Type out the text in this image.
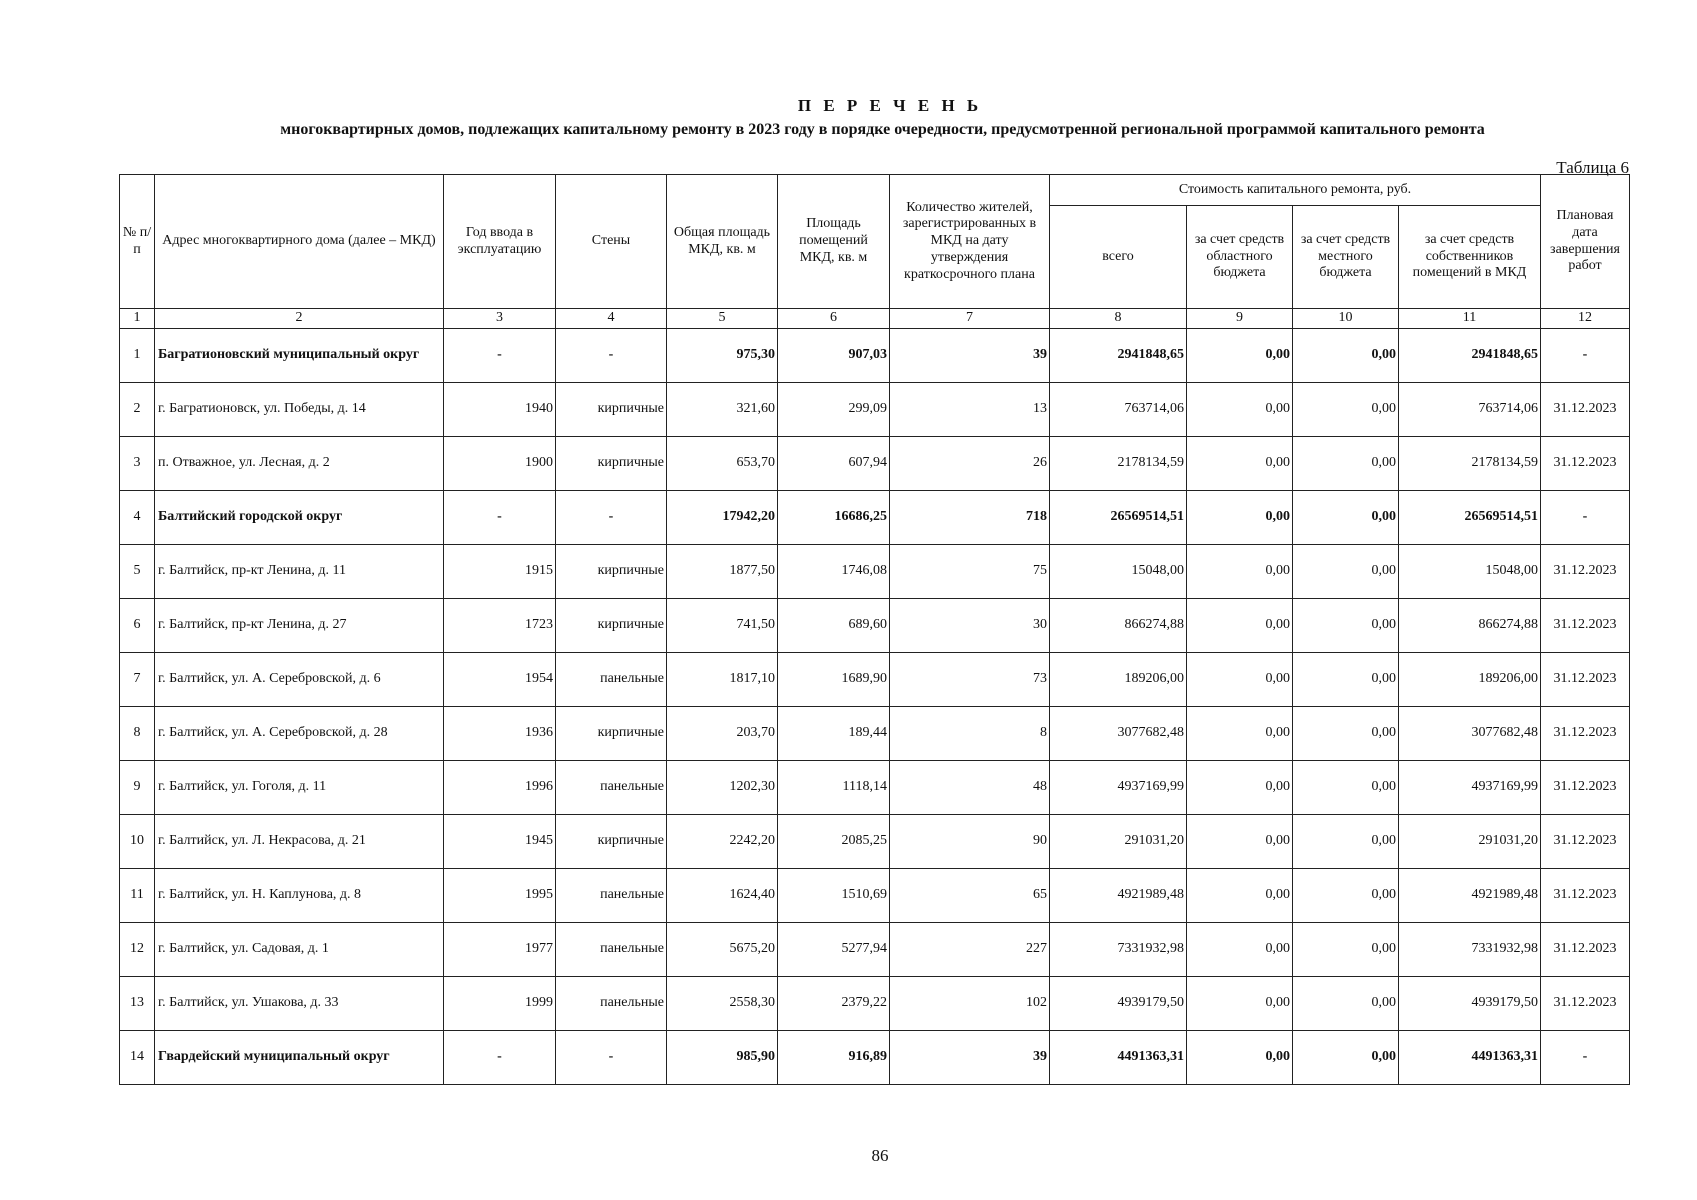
П Е Р Е Ч Е Н Ь
многоквартирных домов, подлежащих капитальному ремонту в 2023 году в порядке очередности, предусмотренной региональной программой капитального ремонта
Таблица 6
№ п/п	Адрес многоквартирного дома (далее – МКД)	Год ввода в эксплуатацию	Стены	Общая площадь МКД, кв. м	Площадь помещений МКД, кв. м	Количество жителей, зарегистрированных в МКД на дату утверждения краткосрочного плана	Стоимость капитального ремонта, руб.				Плановая дата завершения работ
							всего	за счет средств областного бюджета	за счет средств местного бюджета	за счет средств собственников помещений в МКД	
1	2	3	4	5	6	7	8	9	10	11	12
1	Багратионовский муниципальный округ	-	-	975,30	907,03	39	2941848,65	0,00	0,00	2941848,65	-
2	г. Багратионовск, ул. Победы, д. 14	1940	кирпичные	321,60	299,09	13	763714,06	0,00	0,00	763714,06	31.12.2023
3	п. Отважное, ул. Лесная, д. 2	1900	кирпичные	653,70	607,94	26	2178134,59	0,00	0,00	2178134,59	31.12.2023
4	Балтийский городской округ	-	-	17942,20	16686,25	718	26569514,51	0,00	0,00	26569514,51	-
5	г. Балтийск, пр-кт Ленина, д. 11	1915	кирпичные	1877,50	1746,08	75	15048,00	0,00	0,00	15048,00	31.12.2023
6	г. Балтийск, пр-кт Ленина, д. 27	1723	кирпичные	741,50	689,60	30	866274,88	0,00	0,00	866274,88	31.12.2023
7	г. Балтийск, ул. А. Серебровской, д. 6	1954	панельные	1817,10	1689,90	73	189206,00	0,00	0,00	189206,00	31.12.2023
8	г. Балтийск, ул. А. Серебровской, д. 28	1936	кирпичные	203,70	189,44	8	3077682,48	0,00	0,00	3077682,48	31.12.2023
9	г. Балтийск, ул. Гоголя, д. 11	1996	панельные	1202,30	1118,14	48	4937169,99	0,00	0,00	4937169,99	31.12.2023
10	г. Балтийск, ул. Л. Некрасова, д. 21	1945	кирпичные	2242,20	2085,25	90	291031,20	0,00	0,00	291031,20	31.12.2023
11	г. Балтийск, ул. Н. Каплунова, д. 8	1995	панельные	1624,40	1510,69	65	4921989,48	0,00	0,00	4921989,48	31.12.2023
12	г. Балтийск, ул. Садовая, д. 1	1977	панельные	5675,20	5277,94	227	7331932,98	0,00	0,00	7331932,98	31.12.2023
13	г. Балтийск, ул. Ушакова, д. 33	1999	панельные	2558,30	2379,22	102	4939179,50	0,00	0,00	4939179,50	31.12.2023
14	Гвардейский муниципальный округ	-	-	985,90	916,89	39	4491363,31	0,00	0,00	4491363,31	-
86
